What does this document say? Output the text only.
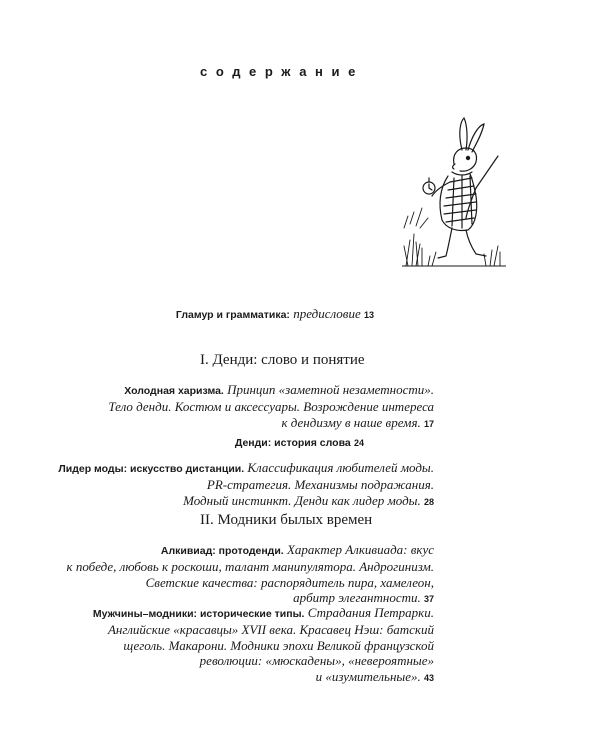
содержание
Гламур и грамматика: предисловие 13
I. Денди: слово и понятие
Холодная харизма. Принцип «заметной незаметности».
Тело денди. Костюм и аксессуары. Возрождение интереса
к дендизму в наше время. 17
Денди: история слова 24
Лидер моды: искусство дистанции. Классификация любителей моды.
PR-стратегия. Механизмы подражания.
Модный инстинкт. Денди как лидер моды. 28
II. Модники былых времен
Алкивиад: протоденди. Характер Алкивиада: вкус
к победе, любовь к роскоши, талант манипулятора. Андрогинизм.
Светские качества: распорядитель пира, хамелеон,
арбитр элегантности. 37
Мужчины–модники: исторические типы. Страдания Петрарки.
Английские «красавцы» XVII века. Красавец Нэш: батский
щеголь. Макарони. Модники эпохи Великой французской
революции: «мюскадены», «невероятные»
и «изумительные». 43
